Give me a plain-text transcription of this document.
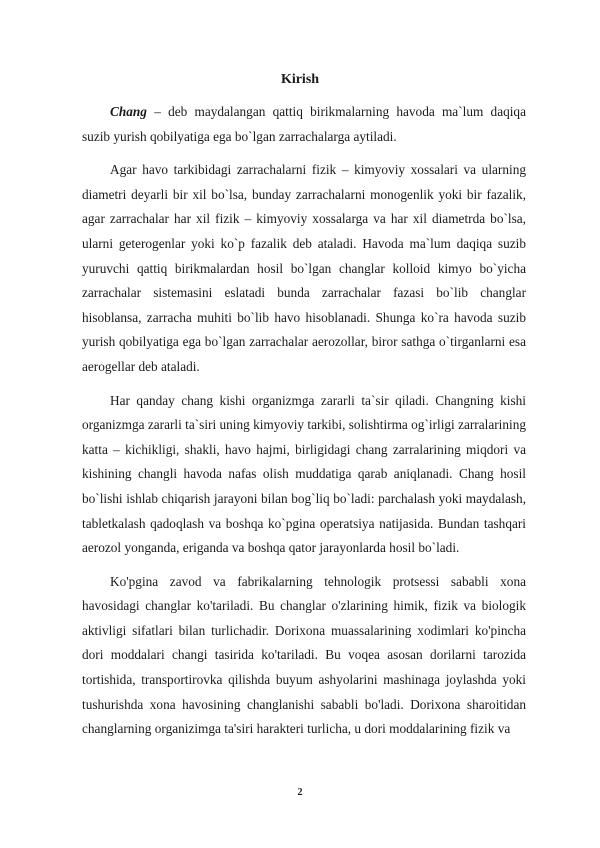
Kirish

Chang – deb maydalangan qattiq birikmalarning havoda ma`lum daqiqa suzib yurish qobilyatiga ega bo`lgan zarrachalarga aytiladi.

Agar havo tarkibidagi zarrachalarni fizik – kimyoviy xossalari va ularning diametri deyarli bir xil bo`lsa, bunday zarrachalarni monogenlik yoki bir fazalik, agar zarrachalar har xil fizik – kimyoviy xossalarga va har xil diametrda bo`lsa, ularni geterogenlar yoki ko`p fazalik deb ataladi. Havoda ma`lum daqiqa suzib yuruvchi qattiq birikmalardan hosil bo`lgan changlar kolloid kimyo bo`yicha zarrachalar sistemasini eslatadi bunda zarrachalar fazasi bo`lib changlar hisoblansa, zarracha muhiti bo`lib havo hisoblanadi. Shunga ko`ra havoda suzib yurish qobilyatiga ega bo`lgan zarrachalar aerozollar, biror sathga o`tirganlarni esa aerogellar deb ataladi.

Har qanday chang kishi organizmga zararli ta`sir qiladi. Changning kishi organizmga zararli ta`siri uning kimyoviy tarkibi, solishtirma og`irligi zarralarining katta – kichikligi, shakli, havo hajmi, birligidagi chang zarralarining miqdori va kishining changli havoda nafas olish muddatiga qarab aniqlanadi. Chang hosil bo`lishi ishlab chiqarish jarayoni bilan bog`liq bo`ladi: parchalash yoki maydalash, tabletkalash qadoqlash va boshqa ko`pgina operatsiya natijasida. Bundan tashqari aerozol yonganda, eriganda va boshqa qator jarayonlarda hosil bo`ladi.

Ko'pgina zavod va fabrikalarning tehnologik protsessi sababli xona havosidagi changlar ko'tariladi. Bu changlar o'zlarining himik, fizik va biologik aktivligi sifatlari bilan turlichadir. Dorixona muassalarining xodimlari ko'pincha dori moddalari changi tasirida ko'tariladi. Bu voqea asosan dorilarni tarozida tortishida, transportirovka qilishda buyum ashyolarini mashinaga joylashda yoki tushurishda xona havosining changlanishi sababli bo'ladi. Dorixona sharoitidan changlarning organizimga ta'siri harakteri turlicha, u dori moddalarining fizik va

2
